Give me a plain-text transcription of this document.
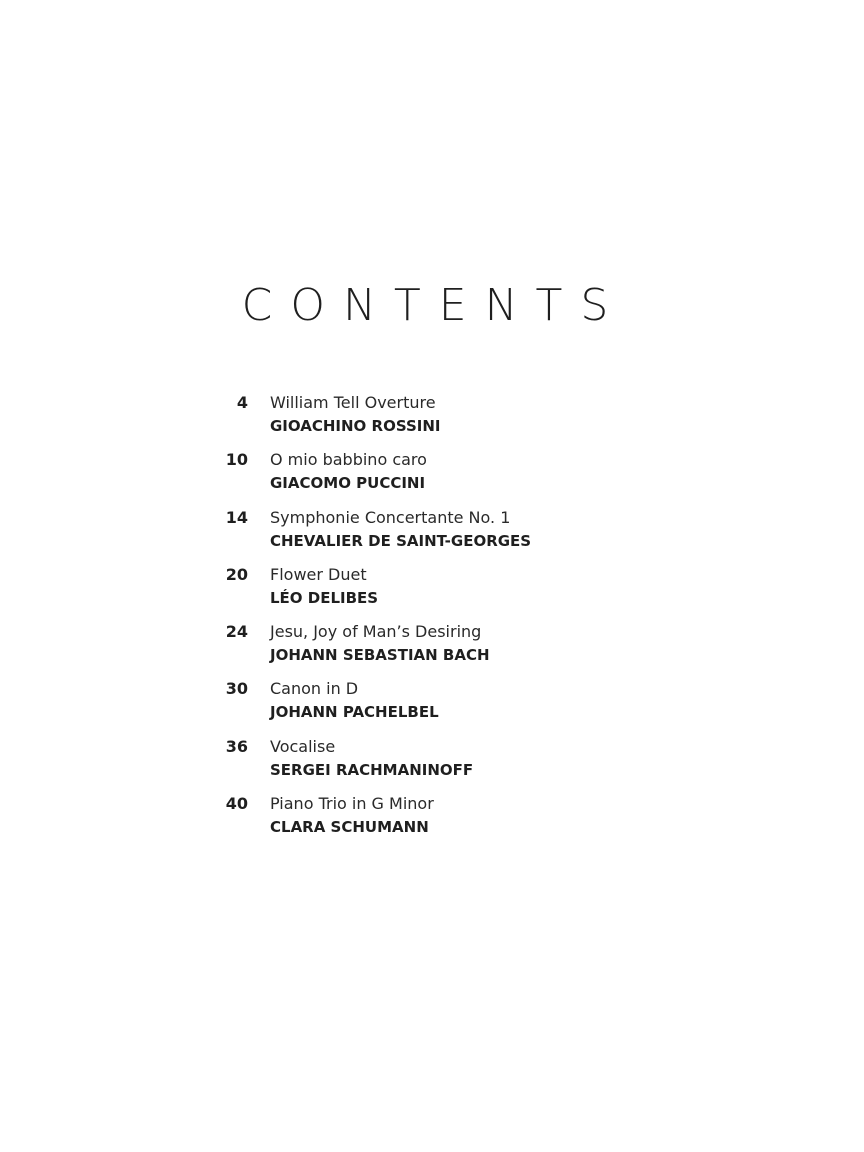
CONTENTS
4 William Tell Overture
GIOACHINO ROSSINI
10 O mio babbino caro
GIACOMO PUCCINI
14 Symphonie Concertante No. 1
CHEVALIER DE SAINT-GEORGES
20 Flower Duet
LÉO DELIBES
24 Jesu, Joy of Man’s Desiring
JOHANN SEBASTIAN BACH
30 Canon in D
JOHANN PACHELBEL
36 Vocalise
SERGEI RACHMANINOFF
40 Piano Trio in G Minor
CLARA SCHUMANN
